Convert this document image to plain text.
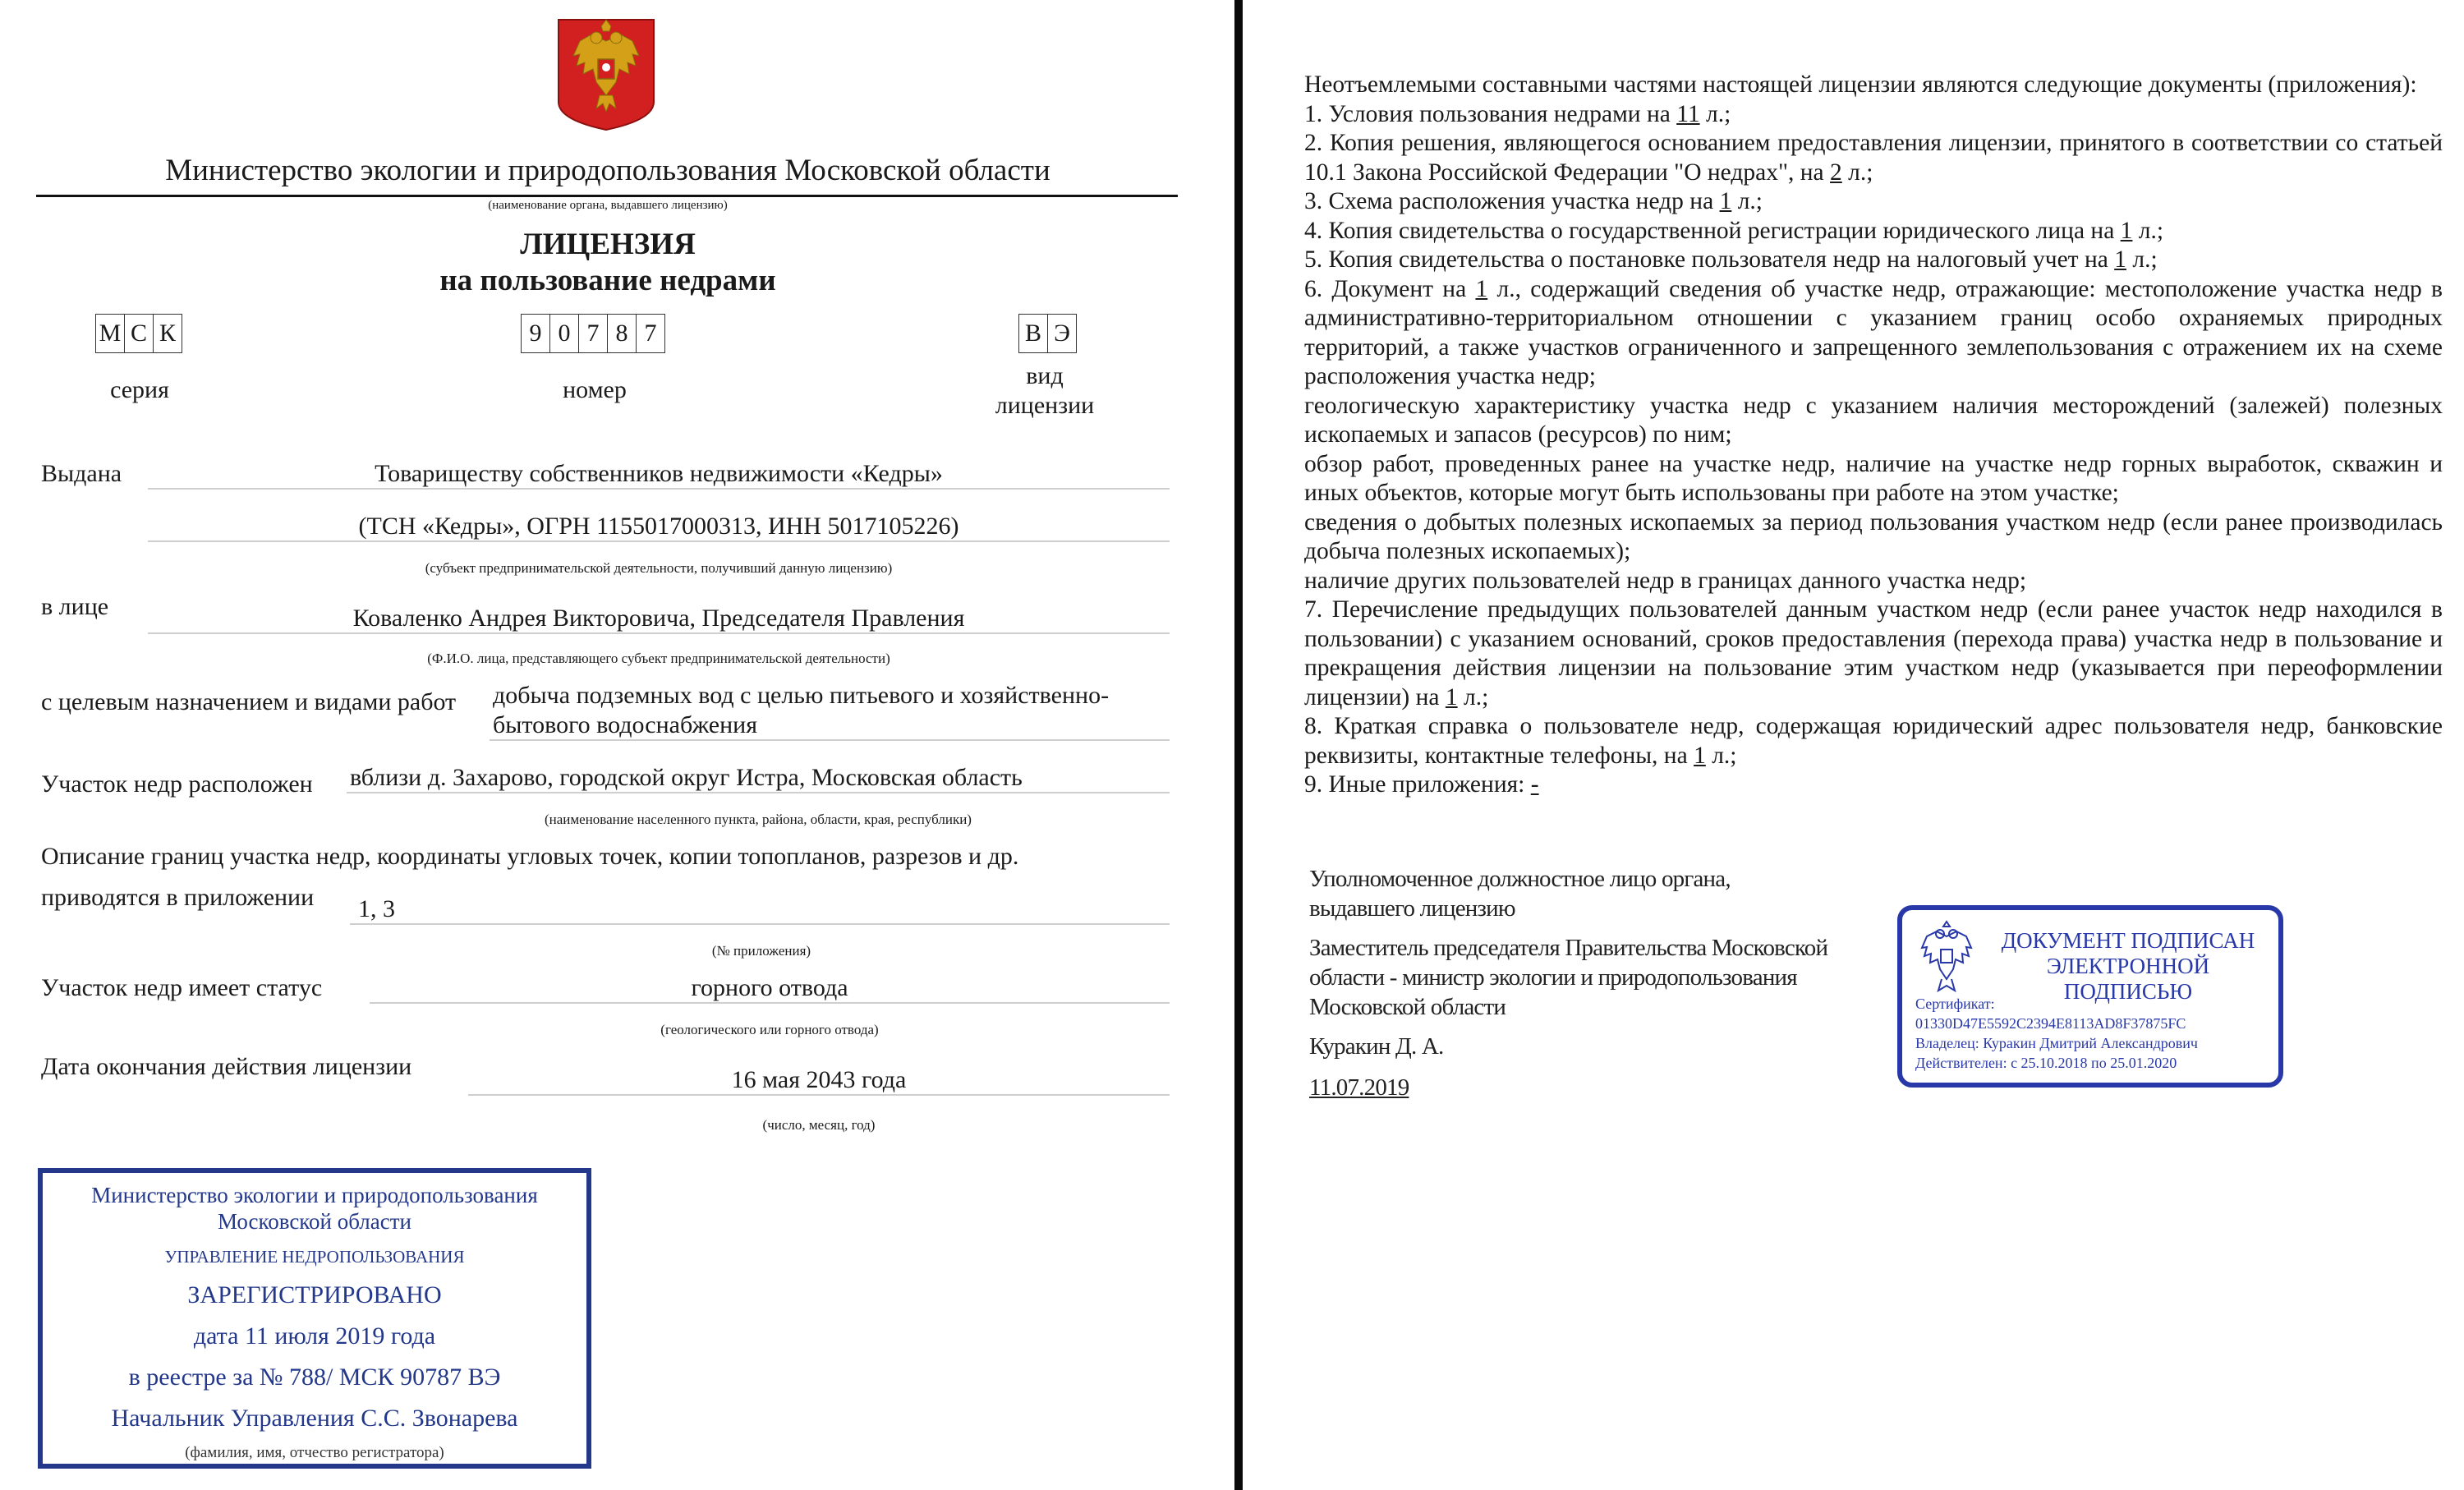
Министерство экологии и природопользования Московской области
(наименование органа, выдавшего лицензию)
ЛИЦЕНЗИЯ
на пользование недрами
М С К
серия
9 0 7 8 7
номер
В Э
вид
лицензии
Выдана	Товариществу собственников недвижимости «Кедры»
(ТСН «Кедры», ОГРН 1155017000313, ИНН 5017105226)
(субъект предпринимательской деятельности, получивший данную лицензию)
в лице	Коваленко Андрея Викторовича, Председателя Правления
(Ф.И.О. лица, представляющего субъект предпринимательской деятельности)
с целевым назначением и видами работ добыча подземных вод с целью питьевого и хозяйственно-
бытового водоснабжения
Участок недр расположен вблизи д. Захарово, городской округ Истра, Московская область
(наименование населенного пункта, района, области, края, республики)
Описание границ участка недр, координаты угловых точек, копии топопланов, разрезов и др.
приводятся в приложении 1, 3
(№ приложения)
Участок недр имеет статус	горного отвода
(геологического или горного отвода)
Дата окончания действия лицензии	16 мая 2043 года
(число, месяц, год)
Министерство экологии и природопользования
Московской области
УПРАВЛЕНИЕ НЕДРОПОЛЬЗОВАНИЯ
ЗАРЕГИСТРИРОВАНО
дата 11 июля 2019 года
в реестре за № 788/ МСК 90787 ВЭ
Начальник Управления С.С. Звонарева
(фамилия, имя, отчество регистратора)

Неотъемлемыми составными частями настоящей лицензии являются следующие документы (приложения):

1. Условия пользования недрами на 11 л.;

2. Копия решения, являющегося основанием предоставления лицензии, принятого в соответствии со статьей 10.1 Закона Российской Федерации "О недрах", на 2 л.;

3. Схема расположения участка недр на 1 л.;

4. Копия свидетельства о государственной регистрации юридического лица на 1 л.;

5. Копия свидетельства о постановке пользователя недр на налоговый учет на 1 л.;

6. Документ на 1 л., содержащий сведения об участке недр, отражающие: местоположение участка недр в административно-территориальном отношении с указанием границ особо охраняемых природных территорий, а также участков ограниченного и запрещенного землепользования с отражением их на схеме расположения участка недр;

геологическую характеристику участка недр с указанием наличия месторождений (залежей) полезных ископаемых и запасов (ресурсов) по ним;

обзор работ, проведенных ранее на участке недр, наличие на участке недр горных выработок, скважин и иных объектов, которые могут быть использованы при работе на этом участке;

сведения о добытых полезных ископаемых за период пользования участком недр (если ранее производилась добыча полезных ископаемых);

наличие других пользователей недр в границах данного участка недр;

7. Перечисление предыдущих пользователей данным участком недр (если ранее участок недр находился в пользовании) с указанием оснований, сроков предоставления (перехода права) участка недр в пользование и прекращения действия лицензии на пользование этим участком недр (указывается при переоформлении лицензии) на 1 л.;

8. Краткая справка о пользователе недр, содержащая юридический адрес пользователя недр, банковские реквизиты, контактные телефоны, на 1 л.;

9. Иные приложения: -

Уполномоченное должностное лицо органа,
выдавшего лицензию
Заместитель председателя Правительства Московской
области - министр экологии и природопользования
Московской области
Куракин Д. А.
11.07.2019
ДОКУМЕНТ ПОДПИСАН
ЭЛЕКТРОННОЙ ПОДПИСЬЮ
Сертификат:
01330D47E5592C2394E8113AD8F37875FC
Владелец: Куракин Дмитрий Александрович
Действителен: с 25.10.2018 по 25.01.2020
